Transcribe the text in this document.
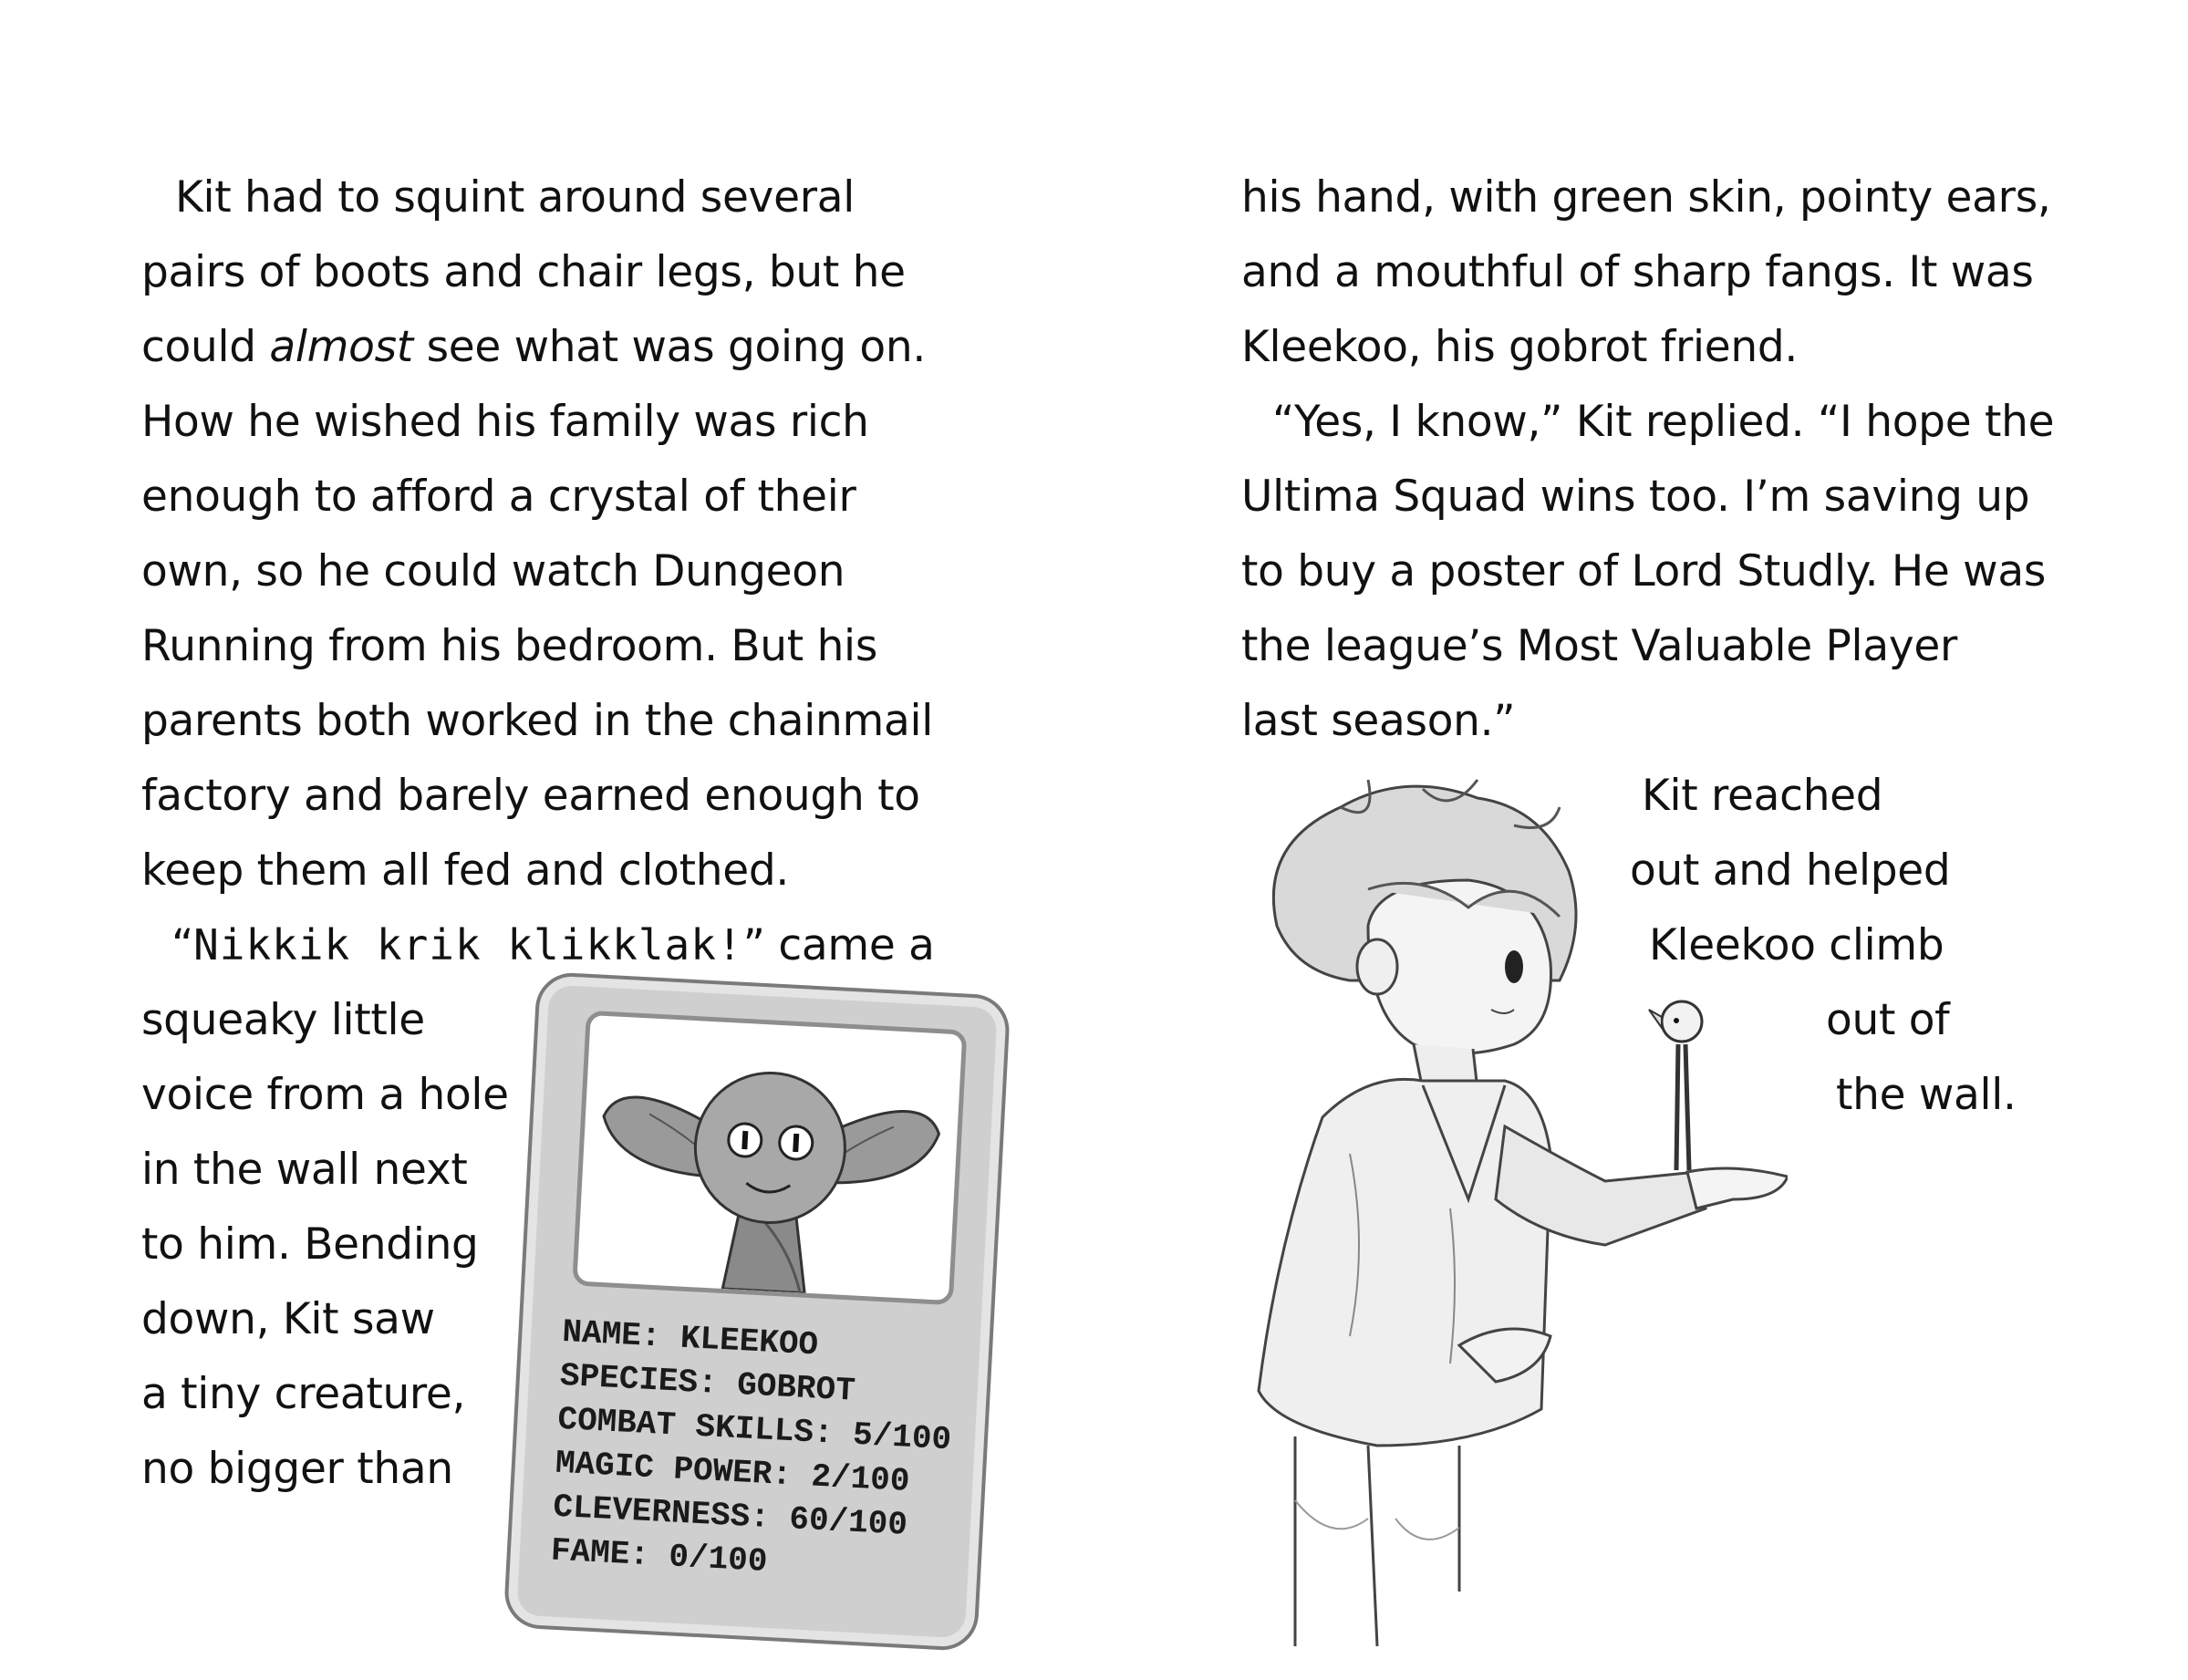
Kit had to squint around several
pairs of boots and chair legs, but he
could almost see what was going on.
How he wished his family was rich
enough to afford a crystal of their
own, so he could watch Dungeon
Running from his bedroom. But his
parents both worked in the chainmail
factory and barely earned enough to
keep them all fed and clothed.
“Nikkik krik klikklak!” came a
squeaky little
voice from a hole
in the wall next
to him. Bending
down, Kit saw
a tiny creature,
no bigger than
his hand, with green skin, pointy ears,
and a mouthful of sharp fangs. It was
Kleekoo, his gobrot friend.
“Yes, I know,” Kit replied. “I hope the
Ultima Squad wins too. I’m saving up
to buy a poster of Lord Studly. He was
the league’s Most Valuable Player
last season.”
Kit reached
out and helped
Kleekoo climb
out of
the wall.
NAME: KLEEKOO
SPECIES: GOBROT
COMBAT SKILLS: 5/100
MAGIC POWER: 2/100
CLEVERNESS: 60/100
FAME: 0/100
